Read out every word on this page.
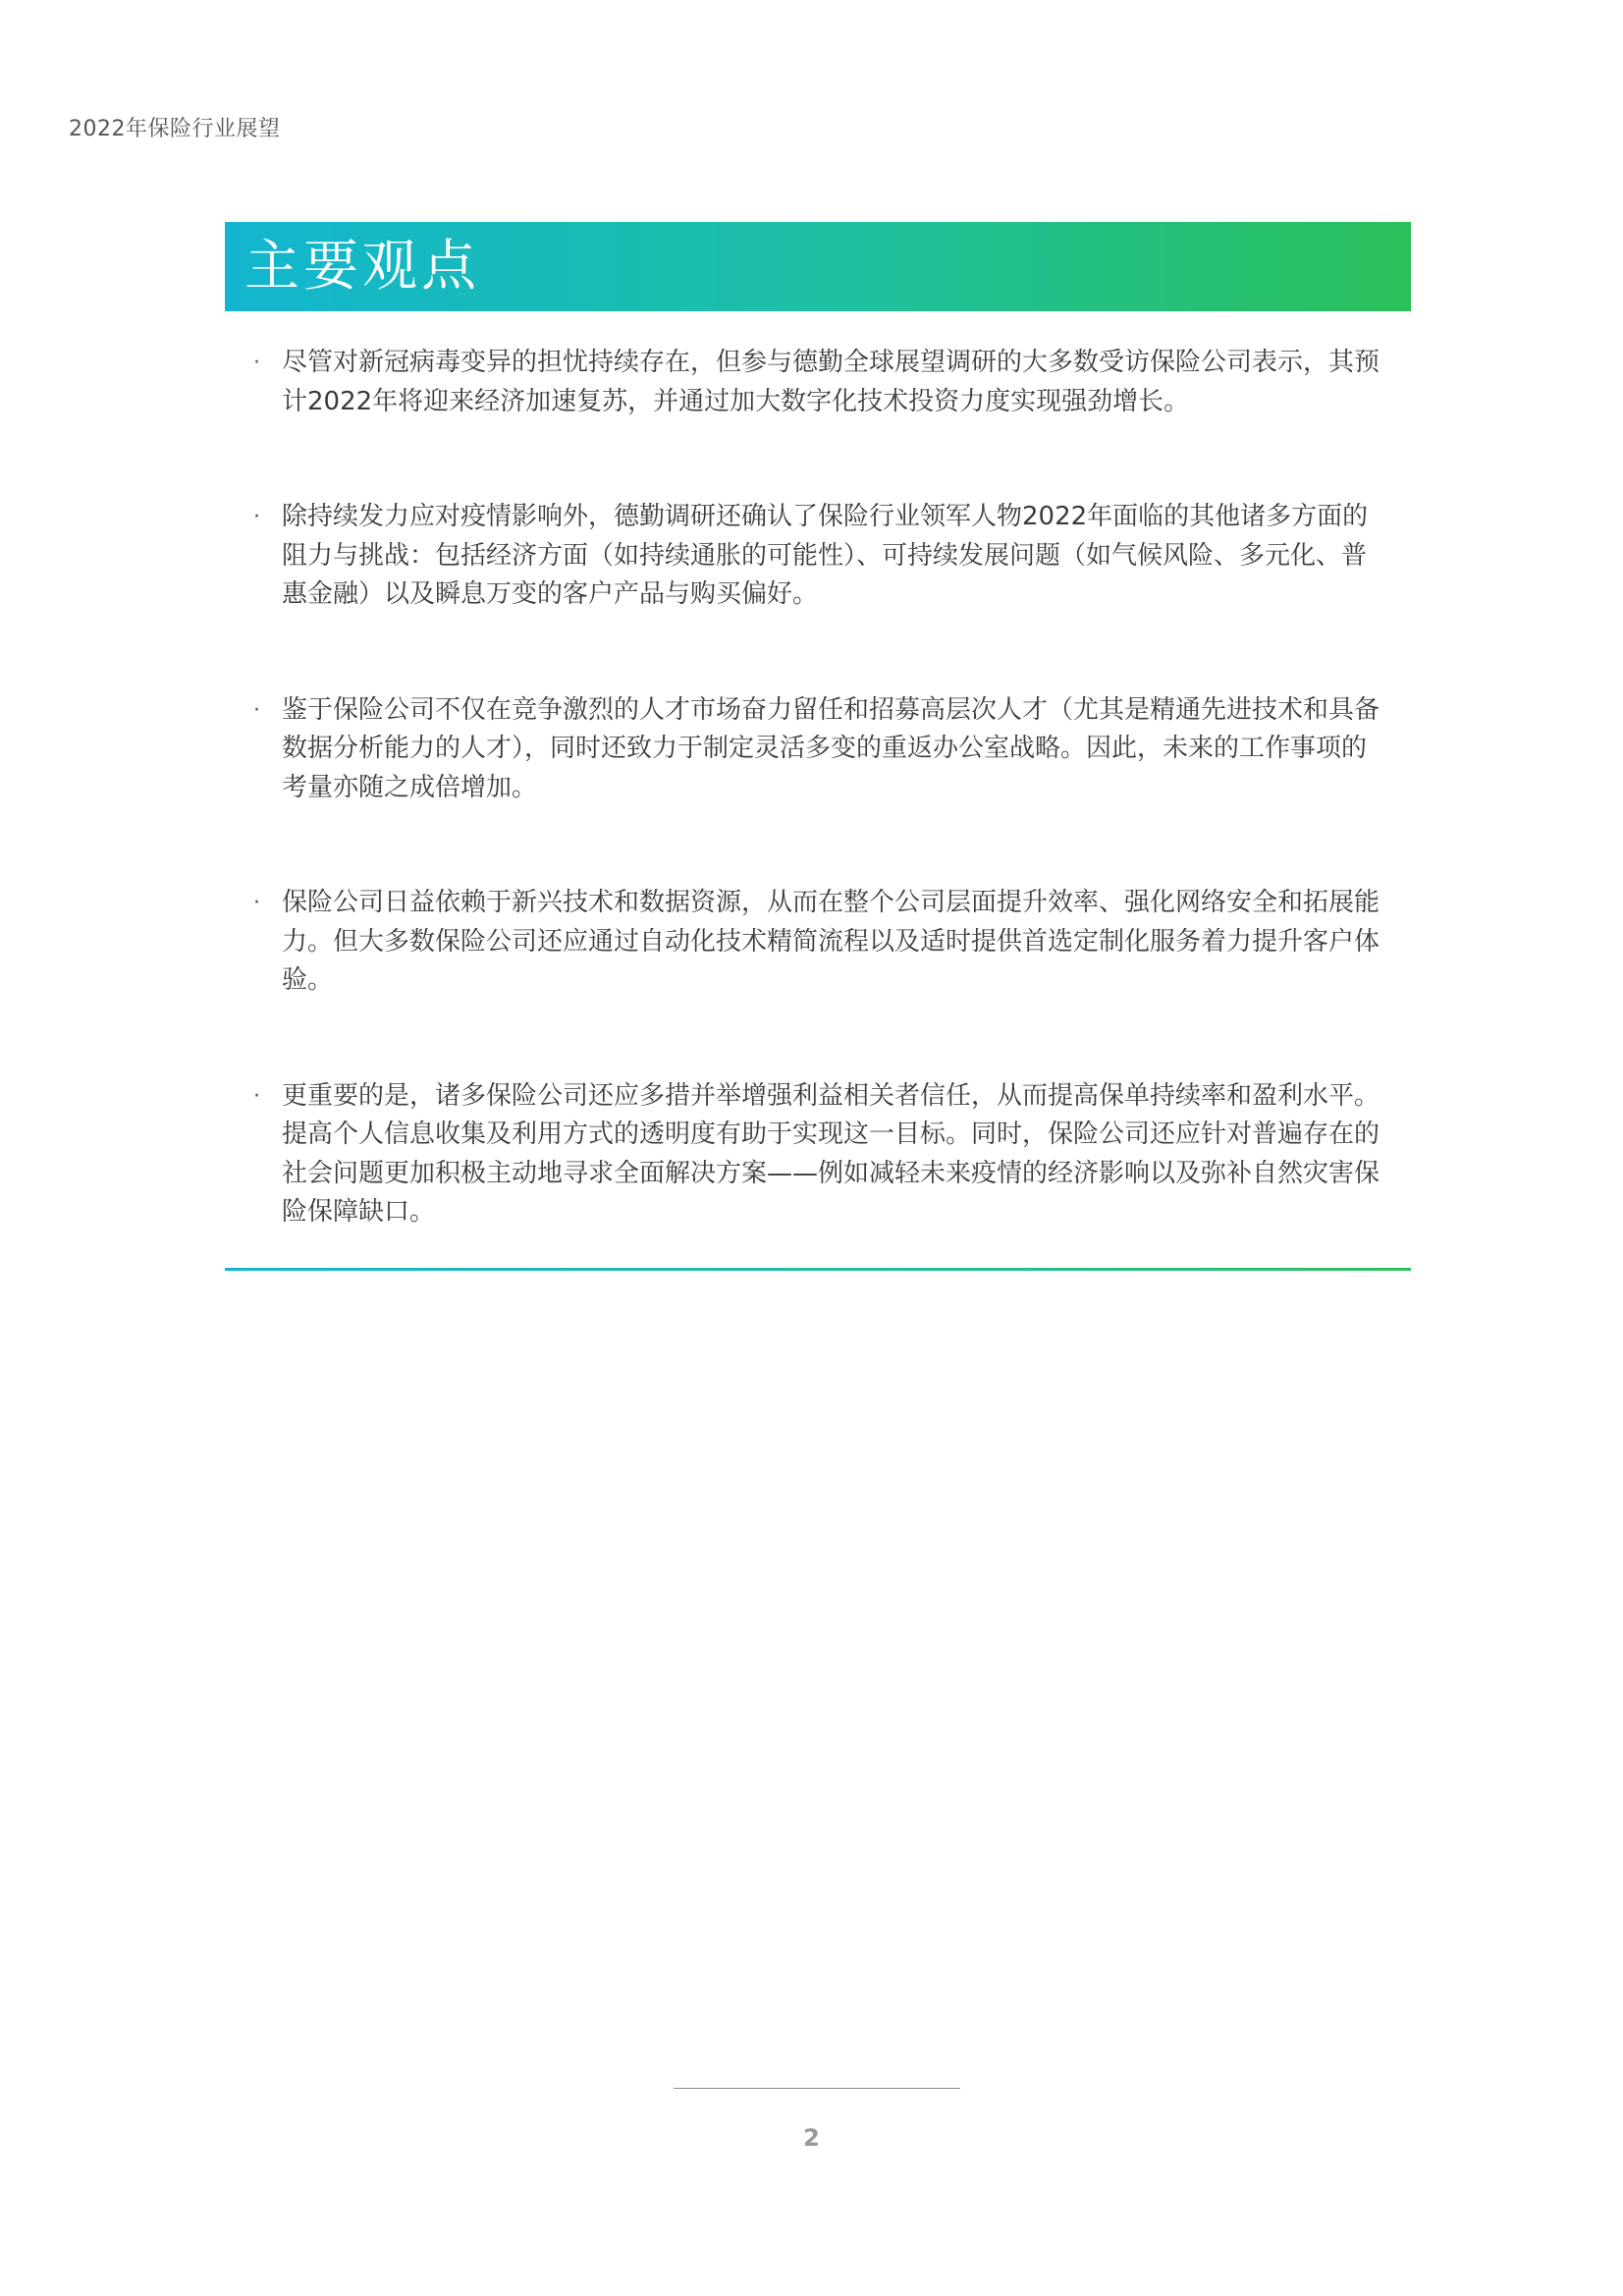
2022年保险行业展望
主要观点
· 尽管对新冠病毒变异的担忧持续存在，但参与德勤全球展望调研的大多数受访保险公司表示，其预计2022年将迎来经济加速复苏，并通过加大数字化技术投资力度实现强劲增长。
· 除持续发力应对疫情影响外，德勤调研还确认了保险行业领军人物2022年面临的其他诸多方面的阻力与挑战：包括经济方面（如持续通胀的可能性）、可持续发展问题（如气候风险、多元化、普惠金融）以及瞬息万变的客户产品与购买偏好。
· 鉴于保险公司不仅在竞争激烈的人才市场奋力留任和招募高层次人才（尤其是精通先进技术和具备数据分析能力的人才），同时还致力于制定灵活多变的重返办公室战略。因此，未来的工作事项的考量亦随之成倍增加。
· 保险公司日益依赖于新兴技术和数据资源，从而在整个公司层面提升效率、强化网络安全和拓展能力。但大多数保险公司还应通过自动化技术精简流程以及适时提供首选定制化服务着力提升客户体验。
· 更重要的是，诸多保险公司还应多措并举增强利益相关者信任，从而提高保单持续率和盈利水平。提高个人信息收集及利用方式的透明度有助于实现这一目标。同时，保险公司还应针对普遍存在的社会问题更加积极主动地寻求全面解决方案——例如减轻未来疫情的经济影响以及弥补自然灾害保险保障缺口。
2
